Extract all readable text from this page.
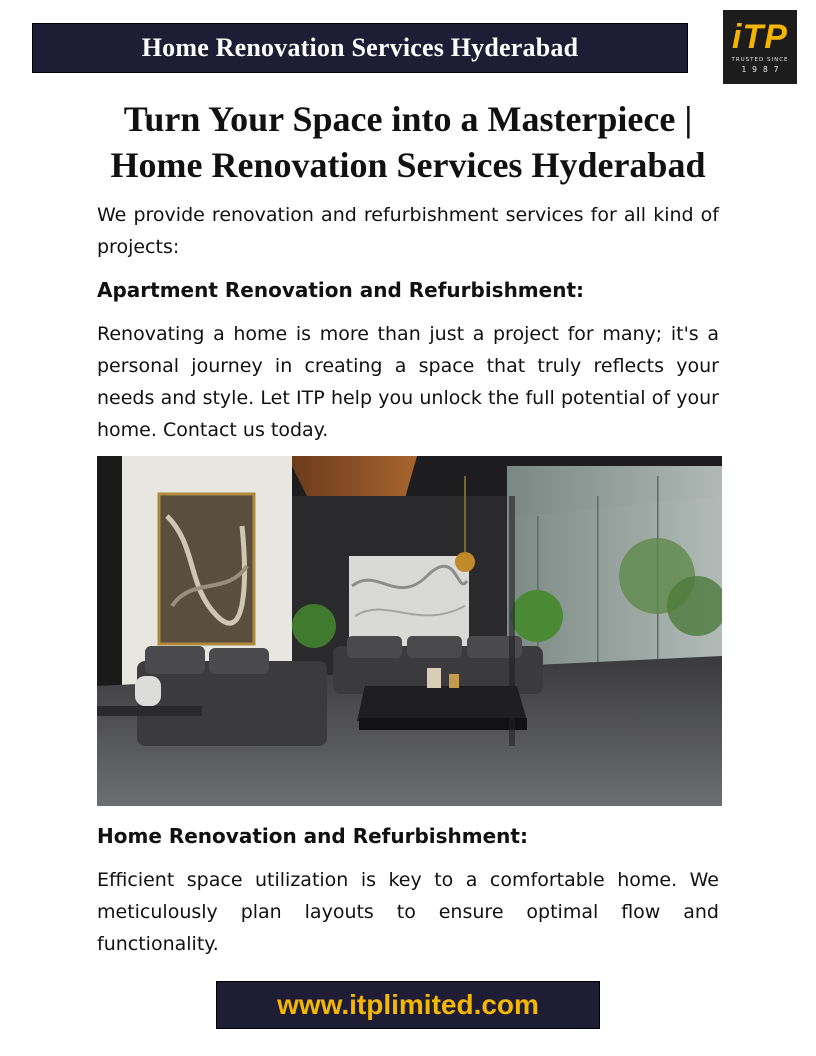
Home Renovation Services Hyderabad	iTP
TRUSTED SINCE
1987
Turn Your Space into a Masterpiece |
Home Renovation Services Hyderabad

We provide renovation and refurbishment services for all kind of projects:

Apartment Renovation and Refurbishment:

Renovating a home is more than just a project for many; it's a personal journey in creating a space that truly reflects your needs and style. Let ITP help you unlock the full potential of your home. Contact us today.

Home Renovation and Refurbishment:

Efficient space utilization is key to a comfortable home. We meticulously plan layouts to ensure optimal flow and functionality.

www.itplimited.com
